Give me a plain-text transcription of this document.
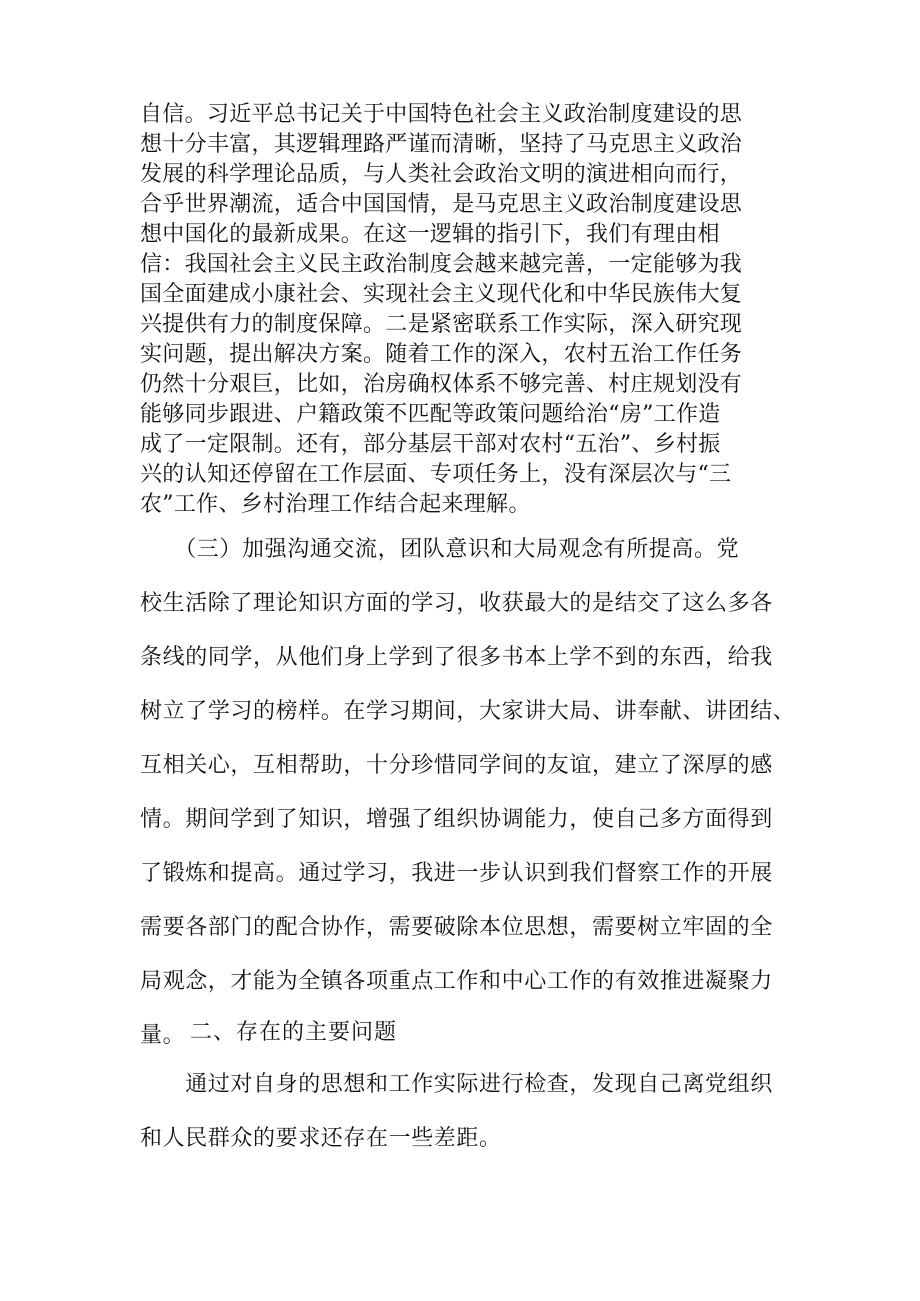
自信。习近平总书记关于中国特色社会主义政治制度建设的思
想十分丰富，其逻辑理路严谨而清晰，坚持了马克思主义政治
发展的科学理论品质，与人类社会政治文明的演进相向而行，
合乎世界潮流，适合中国国情，是马克思主义政治制度建设思
想中国化的最新成果。在这一逻辑的指引下，我们有理由相
信：我国社会主义民主政治制度会越来越完善，一定能够为我
国全面建成小康社会、实现社会主义现代化和中华民族伟大复
兴提供有力的制度保障。二是紧密联系工作实际，深入研究现
实问题，提出解决方案。随着工作的深入，农村五治工作任务
仍然十分艰巨，比如，治房确权体系不够完善、村庄规划没有
能够同步跟进、户籍政策不匹配等政策问题给治“房”工作造
成了一定限制。还有，部分基层干部对农村“五治”、乡村振
兴的认知还停留在工作层面、专项任务上，没有深层次与“三
农”工作、乡村治理工作结合起来理解。
　　（三）加强沟通交流，团队意识和大局观念有所提高。党
校生活除了理论知识方面的学习，收获最大的是结交了这么多各
条线的同学，从他们身上学到了很多书本上学不到的东西，给我
树立了学习的榜样。在学习期间，大家讲大局、讲奉献、讲团结、
互相关心，互相帮助，十分珍惜同学间的友谊，建立了深厚的感
情。期间学到了知识，增强了组织协调能力，使自己多方面得到
了锻炼和提高。通过学习，我进一步认识到我们督察工作的开展
需要各部门的配合协作，需要破除本位思想，需要树立牢固的全
局观念，才能为全镇各项重点工作和中心工作的有效推进凝聚力
量。 二、存在的主要问题
　　通过对自身的思想和工作实际进行检查，发现自己离党组织
和人民群众的要求还存在一些差距。
